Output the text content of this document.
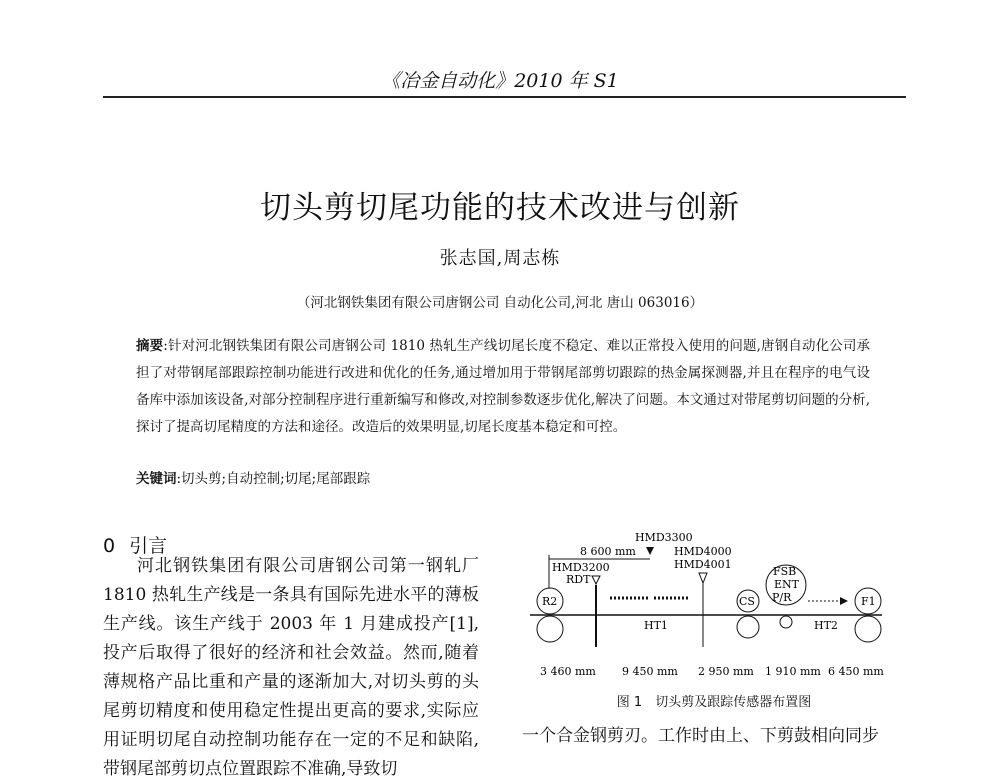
《冶金自动化》2010 年 S1
切头剪切尾功能的技术改进与创新
张志国,周志栋
（河北钢铁集团有限公司唐钢公司 自动化公司,河北 唐山 063016）
摘要:针对河北钢铁集团有限公司唐钢公司 1810 热轧生产线切尾长度不稳定、难以正常投入使用的问题,唐钢自动化公司承担了对带钢尾部跟踪控制功能进行改进和优化的任务,通过增加用于带钢尾部剪切跟踪的热金属探测器,并且在程序的电气设备库中添加该设备,对部分控制程序进行重新编写和修改,对控制参数逐步优化,解决了问题。本文通过对带尾剪切问题的分析,探讨了提高切尾精度的方法和途径。改造后的效果明显,切尾长度基本稳定和可控。
关键词:切头剪;自动控制;切尾;尾部跟踪
0 引言

河北钢铁集团有限公司唐钢公司第一钢轧厂 1810 热轧生产线是一条具有国际先进水平的薄板生产线。该生产线于 2003 年 1 月建成投产[1],投产后取得了很好的经济和社会效益。然而,随着薄规格产品比重和产量的逐渐加大,对切头剪的头尾剪切精度和使用稳定性提出更高的要求,实际应用证明切尾自动控制功能存在一定的不足和缺陷,带钢尾部剪切点位置跟踪不准确,导致切

HMD3300
8 600 mm
HMD3200
RDT
HMD4000
HMD4001
R2
HT1
CS
FSB
ENT
P/R
HT2
F1
3 460 mm 9 450 mm 2 950 mm 1 910 mm 6 450 mm
图 1　切头剪及跟踪传感器布置图
一个合金钢剪刃。工作时由上、下剪鼓相向同步
